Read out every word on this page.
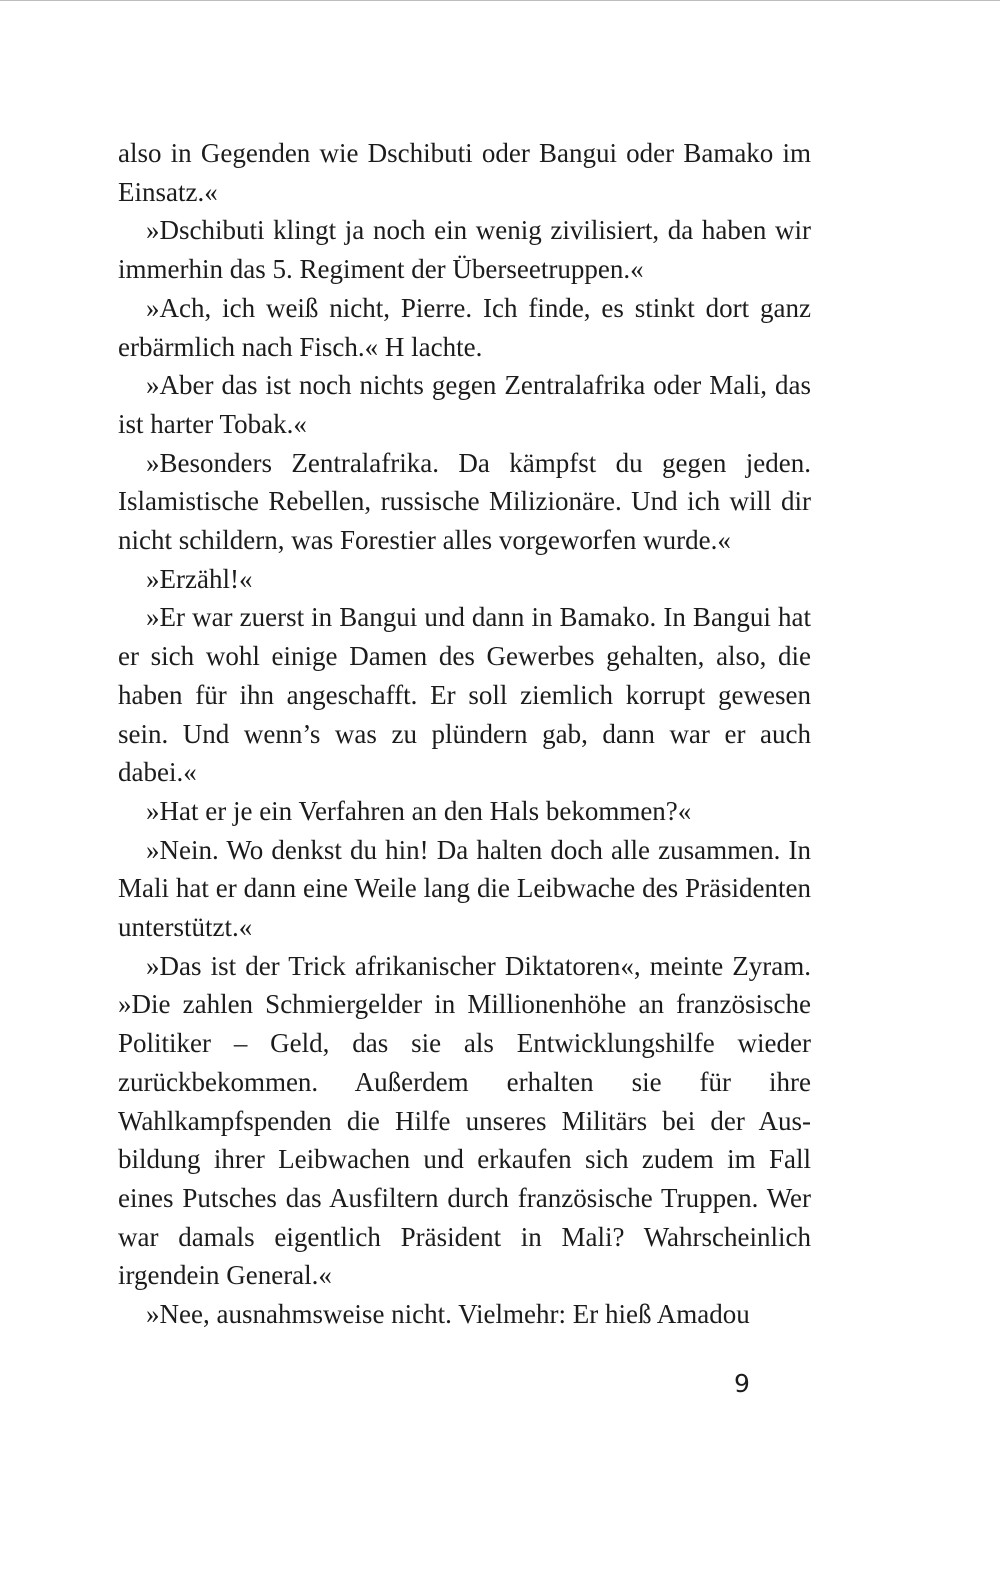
also in Gegenden wie Dschibuti oder Bangui oder Bamako im Einsatz.«

»Dschibuti klingt ja noch ein wenig zivilisiert, da haben wir immerhin das 5. Regiment der Überseetruppen.«

»Ach, ich weiß nicht, Pierre. Ich finde, es stinkt dort ganz erbärmlich nach Fisch.« H lachte.

»Aber das ist noch nichts gegen Zentralafrika oder Mali, das ist harter Tobak.«

»Besonders Zentralafrika. Da kämpfst du gegen jeden. Islamistische Rebellen, russische Milizionäre. Und ich will dir nicht schildern, was Forestier alles vorgeworfen wurde.«

»Erzähl!«

»Er war zuerst in Bangui und dann in Bamako. In Bangui hat er sich wohl einige Damen des Gewerbes gehalten, also, die haben für ihn angeschafft. Er soll ziemlich korrupt gewesen sein. Und wenn’s was zu plündern gab, dann war er auch dabei.«

»Hat er je ein Verfahren an den Hals bekommen?«

»Nein. Wo denkst du hin! Da halten doch alle zusammen. In Mali hat er dann eine Weile lang die Leibwache des Präsidenten unterstützt.«

»Das ist der Trick afrikanischer Diktatoren«, meinte Zyram. »Die zahlen Schmiergelder in Millionenhöhe an französische Politiker – Geld, das sie als Entwicklungshilfe wieder zurückbekommen. Außerdem erhalten sie für ihre Wahlkampfspenden die Hilfe unseres Militärs bei der Ausbildung ihrer Leibwachen und erkaufen sich zudem im Fall eines Putsches das Ausfiltern durch französische Truppen. Wer war damals eigentlich Präsident in Mali? Wahrscheinlich irgendein General.«

»Nee, ausnahmsweise nicht. Vielmehr: Er hieß Amadou

9
